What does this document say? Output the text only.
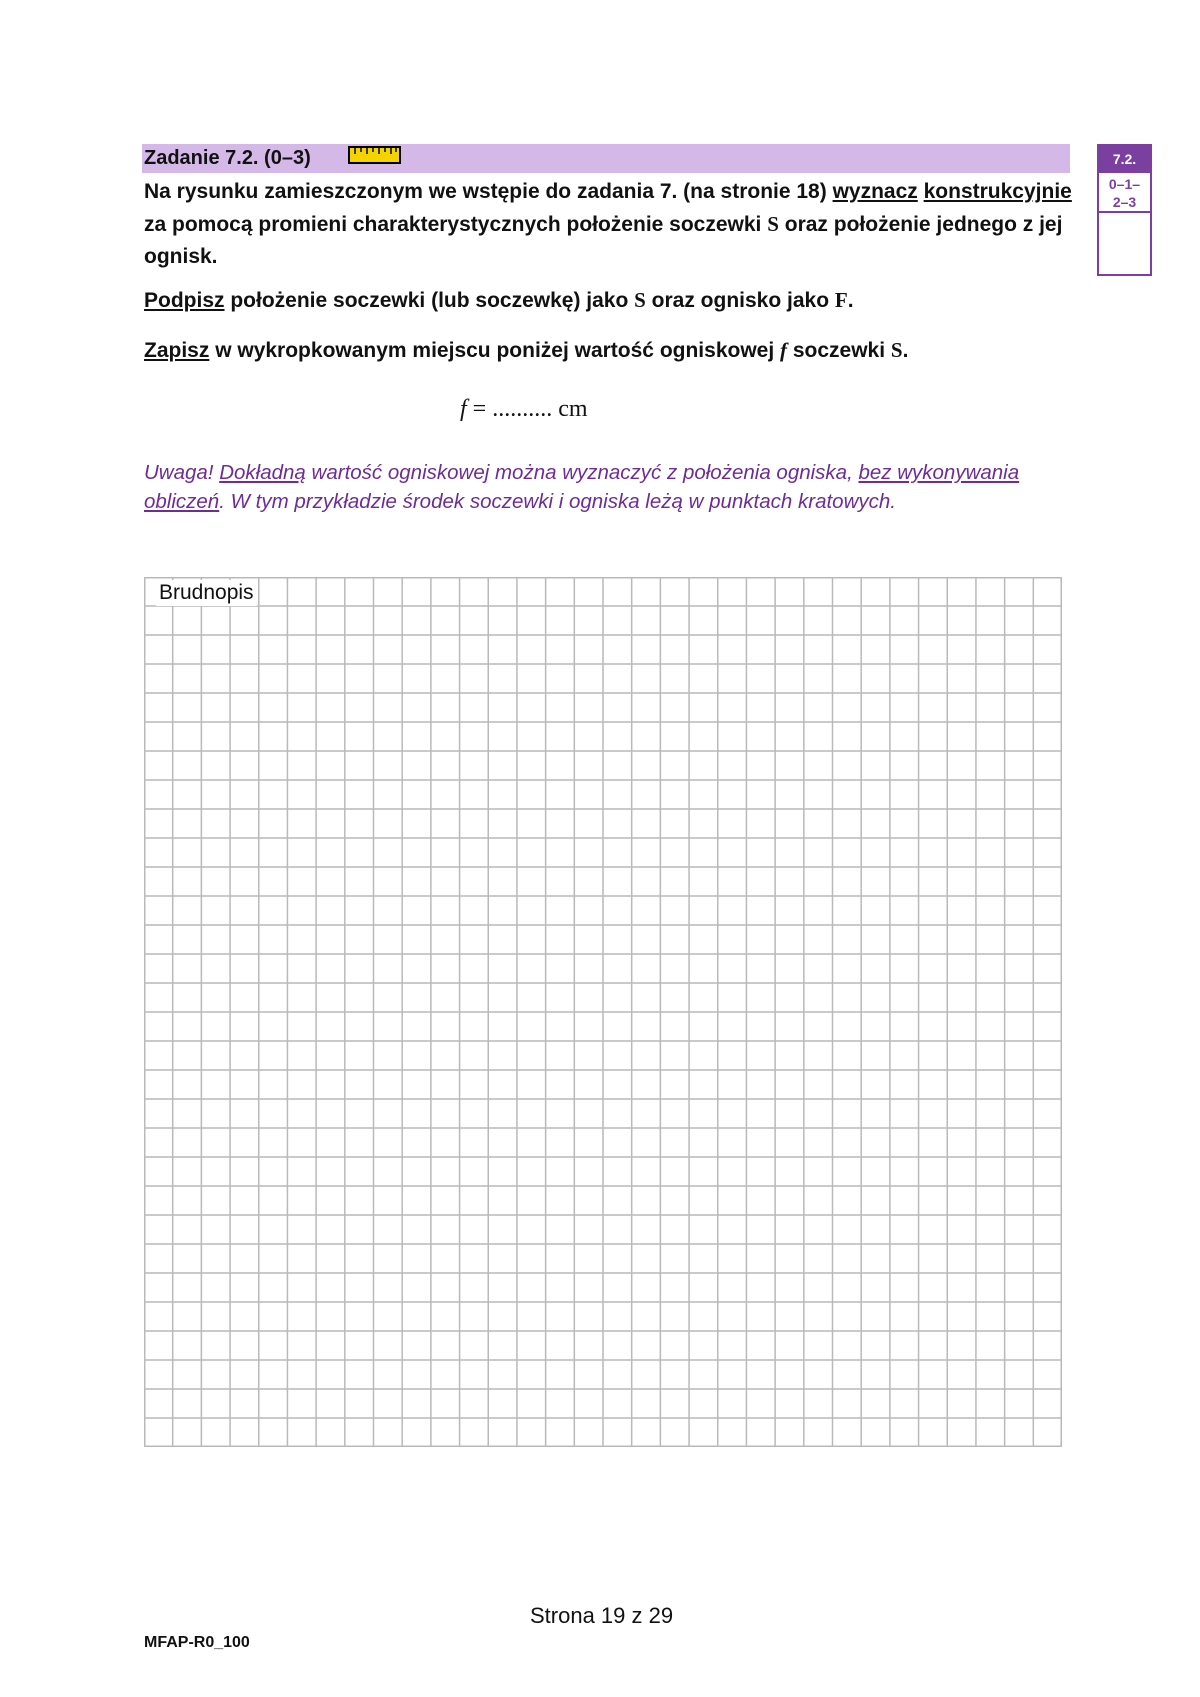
Zadanie 7.2. (0–3)	7.2.
0–1–
2–3
Na rysunku zamieszczonym we wstępie do zadania 7. (na stronie 18) wyznacz konstrukcyjnie za pomocą promieni charakterystycznych położenie soczewki S oraz położenie jednego z jej ognisk.
Podpisz położenie soczewki (lub soczewkę) jako S oraz ognisko jako F.
Zapisz w wykropkowanym miejscu poniżej wartość ogniskowej f soczewki S.
f = .......... cm
Uwaga! Dokładną wartość ogniskowej można wyznaczyć z położenia ogniska, bez wykonywania obliczeń. W tym przykładzie środek soczewki i ogniska leżą w punktach kratowych.
Brudnopis
Strona 19 z 29
MFAP-R0_100
